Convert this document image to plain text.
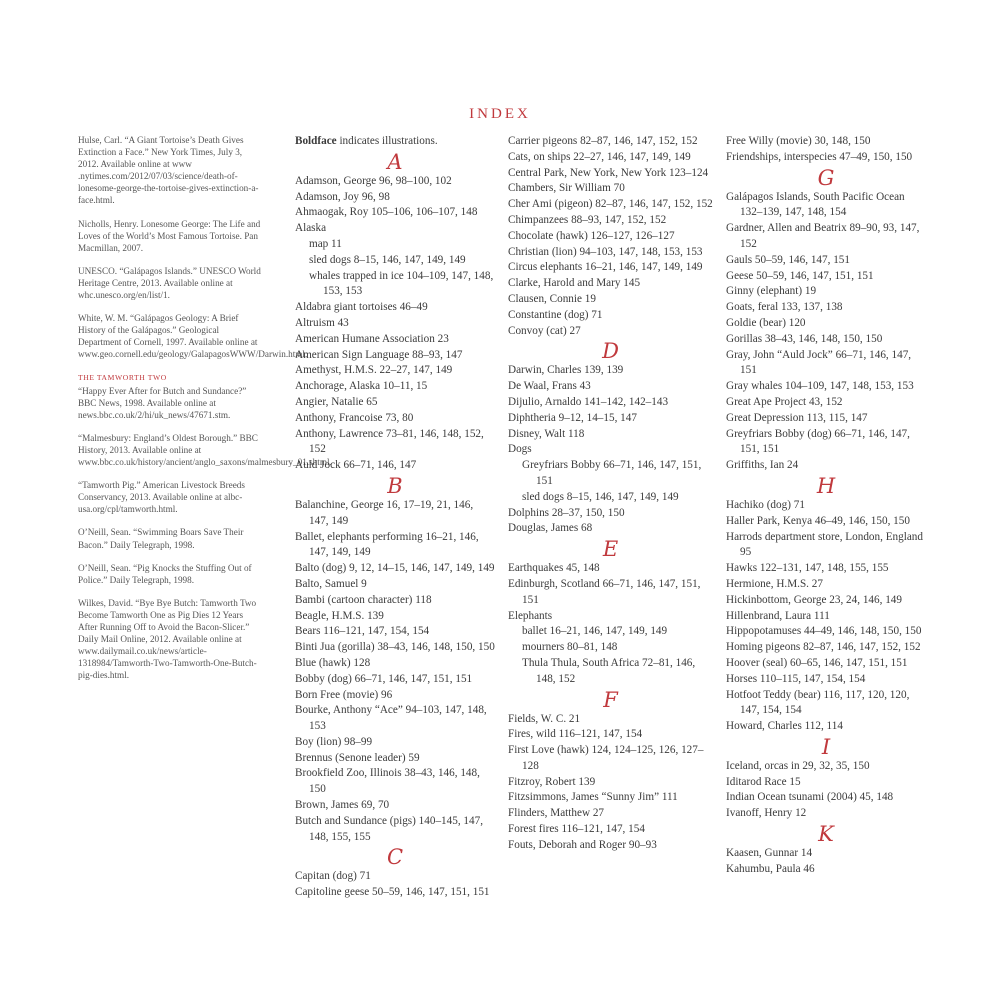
INDEX
Hulse, Carl. “A Giant Tortoise’s Death Gives Extinction a Face.” New York Times, July 3, 2012. Available online at www .nytimes.com/2012/07/03/science/death-of-lonesome-george-the-tortoise-gives-extinction-a-face.html.
Nicholls, Henry. Lonesome George: The Life and Loves of the World’s Most Famous Tortoise. Pan Macmillan, 2007.
UNESCO. “Galápagos Islands.” UNESCO World Heritage Centre, 2013. Available online at whc.unesco.org/en/list/1.
White, W. M. “Galápagos Geology: A Brief History of the Galápagos.” Geological Department of Cornell, 1997. Available online at www.geo.cornell.edu/geology/GalapagosWWW/Darwin.html.
THE TAMWORTH TWO
“Happy Ever After for Butch and Sundance?” BBC News, 1998. Available online at news.bbc.co.uk/2/hi/uk_news/47671.stm.
“Malmesbury: England’s Oldest Borough.” BBC History, 2013. Available online at www.bbc.co.uk/history/ancient/anglo_saxons/malmesbury_01.shtml.
“Tamworth Pig.” American Livestock Breeds Conservancy, 2013. Available online at albc-usa.org/cpl/tamworth.html.
O’Neill, Sean. “Swimming Boars Save Their Bacon.” Daily Telegraph, 1998.
O’Neill, Sean. “Pig Knocks the Stuffing Out of Police.” Daily Telegraph, 1998.
Wilkes, David. “Bye Bye Butch: Tamworth Two Become Tamworth One as Pig Dies 12 Years After Running Off to Avoid the Bacon-Slicer.” Daily Mail Online, 2012. Available online at www.dailymail.co.uk/news/article-1318984/Tamworth-Two-Tamworth-One-Butch-pig-dies.html.
Boldface indicates illustrations.
A
Adamson, George 96, 98–100, 102
Adamson, Joy 96, 98
Ahmaogak, Roy 105–106, 106–107, 148
Alaska
map 11
sled dogs 8–15, 146, 147, 149, 149
whales trapped in ice 104–109, 147, 148, 153, 153
Aldabra giant tortoises 46–49
Altruism 43
American Humane Association 23
American Sign Language 88–93, 147
Amethyst, H.M.S. 22–27, 147, 149
Anchorage, Alaska 10–11, 15
Angier, Natalie 65
Anthony, Francoise 73, 80
Anthony, Lawrence 73–81, 146, 148, 152, 152
Auld Jock 66–71, 146, 147
B
Balanchine, George 16, 17–19, 21, 146, 147, 149
Ballet, elephants performing 16–21, 146, 147, 149, 149
Balto (dog) 9, 12, 14–15, 146, 147, 149, 149
Balto, Samuel 9
Bambi (cartoon character) 118
Beagle, H.M.S. 139
Bears 116–121, 147, 154, 154
Binti Jua (gorilla) 38–43, 146, 148, 150, 150
Blue (hawk) 128
Bobby (dog) 66–71, 146, 147, 151, 151
Born Free (movie) 96
Bourke, Anthony “Ace” 94–103, 147, 148, 153
Boy (lion) 98–99
Brennus (Senone leader) 59
Brookfield Zoo, Illinois 38–43, 146, 148, 150
Brown, James 69, 70
Butch and Sundance (pigs) 140–145, 147, 148, 155, 155
C
Capitan (dog) 71
Capitoline geese 50–59, 146, 147, 151, 151
Carrier pigeons 82–87, 146, 147, 152, 152
Cats, on ships 22–27, 146, 147, 149, 149
Central Park, New York, New York 123–124
Chambers, Sir William 70
Cher Ami (pigeon) 82–87, 146, 147, 152, 152
Chimpanzees 88–93, 147, 152, 152
Chocolate (hawk) 126–127, 126–127
Christian (lion) 94–103, 147, 148, 153, 153
Circus elephants 16–21, 146, 147, 149, 149
Clarke, Harold and Mary 145
Clausen, Connie 19
Constantine (dog) 71
Convoy (cat) 27
D
Darwin, Charles 139, 139
De Waal, Frans 43
Dijulio, Arnaldo 141–142, 142–143
Diphtheria 9–12, 14–15, 147
Disney, Walt 118
Dogs
Greyfriars Bobby 66–71, 146, 147, 151, 151
sled dogs 8–15, 146, 147, 149, 149
Dolphins 28–37, 150, 150
Douglas, James 68
E
Earthquakes 45, 148
Edinburgh, Scotland 66–71, 146, 147, 151, 151
Elephants
ballet 16–21, 146, 147, 149, 149
mourners 80–81, 148
Thula Thula, South Africa 72–81, 146, 148, 152
F
Fields, W. C. 21
Fires, wild 116–121, 147, 154
First Love (hawk) 124, 124–125, 126, 127–128
Fitzroy, Robert 139
Fitzsimmons, James “Sunny Jim” 111
Flinders, Matthew 27
Forest fires 116–121, 147, 154
Fouts, Deborah and Roger 90–93
Free Willy (movie) 30, 148, 150
Friendships, interspecies 47–49, 150, 150
G
Galápagos Islands, South Pacific Ocean 132–139, 147, 148, 154
Gardner, Allen and Beatrix 89–90, 93, 147, 152
Gauls 50–59, 146, 147, 151
Geese 50–59, 146, 147, 151, 151
Ginny (elephant) 19
Goats, feral 133, 137, 138
Goldie (bear) 120
Gorillas 38–43, 146, 148, 150, 150
Gray, John “Auld Jock” 66–71, 146, 147, 151
Gray whales 104–109, 147, 148, 153, 153
Great Ape Project 43, 152
Great Depression 113, 115, 147
Greyfriars Bobby (dog) 66–71, 146, 147, 151, 151
Griffiths, Ian 24
H
Hachiko (dog) 71
Haller Park, Kenya 46–49, 146, 150, 150
Harrods department store, London, England 95
Hawks 122–131, 147, 148, 155, 155
Hermione, H.M.S. 27
Hickinbottom, George 23, 24, 146, 149
Hillenbrand, Laura 111
Hippopotamuses 44–49, 146, 148, 150, 150
Homing pigeons 82–87, 146, 147, 152, 152
Hoover (seal) 60–65, 146, 147, 151, 151
Horses 110–115, 147, 154, 154
Hotfoot Teddy (bear) 116, 117, 120, 120, 147, 154, 154
Howard, Charles 112, 114
I
Iceland, orcas in 29, 32, 35, 150
Iditarod Race 15
Indian Ocean tsunami (2004) 45, 148
Ivanoff, Henry 12
K
Kaasen, Gunnar 14
Kahumbu, Paula 46
